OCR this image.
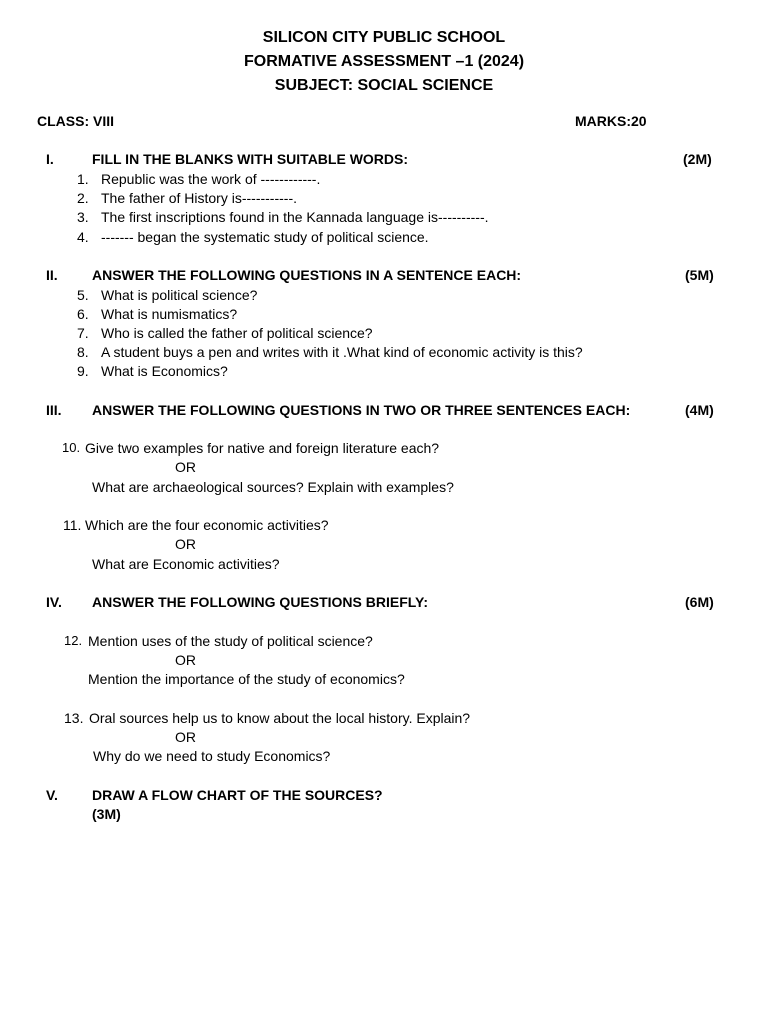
SILICON CITY PUBLIC SCHOOL
FORMATIVE ASSESSMENT –1 (2024)
SUBJECT: SOCIAL SCIENCE
CLASS: VIII	MARKS:20
I.	FILL IN THE BLANKS WITH SUITABLE WORDS:	(2M)
1. Republic was the work of ------------.
2. The father of History is-----------.
3. The first inscriptions found in the Kannada language is----------.
4. ------- began the systematic study of political science.
II. ANSWER THE FOLLOWING QUESTIONS IN A SENTENCE EACH:	(5M)
5. What is political science?
6. What is numismatics?
7. Who is called the father of political science?
8. A student buys a pen and writes with it .What kind of economic activity is this?
9. What is Economics?
III. ANSWER THE FOLLOWING QUESTIONS IN TWO OR THREE SENTENCES EACH:	(4M)
10. Give two examples for native and foreign literature each?
OR
What are archaeological sources? Explain with examples?
11. Which are the four economic activities?
OR
What are Economic activities?
IV. ANSWER THE FOLLOWING QUESTIONS BRIEFLY:	(6M)
12. Mention uses of the study of political science?
OR
Mention the importance of the study of economics?
13. Oral sources help us to know about the local history. Explain?
OR
Why do we need to study Economics?
V. DRAW A FLOW CHART OF THE SOURCES?
(3M)
